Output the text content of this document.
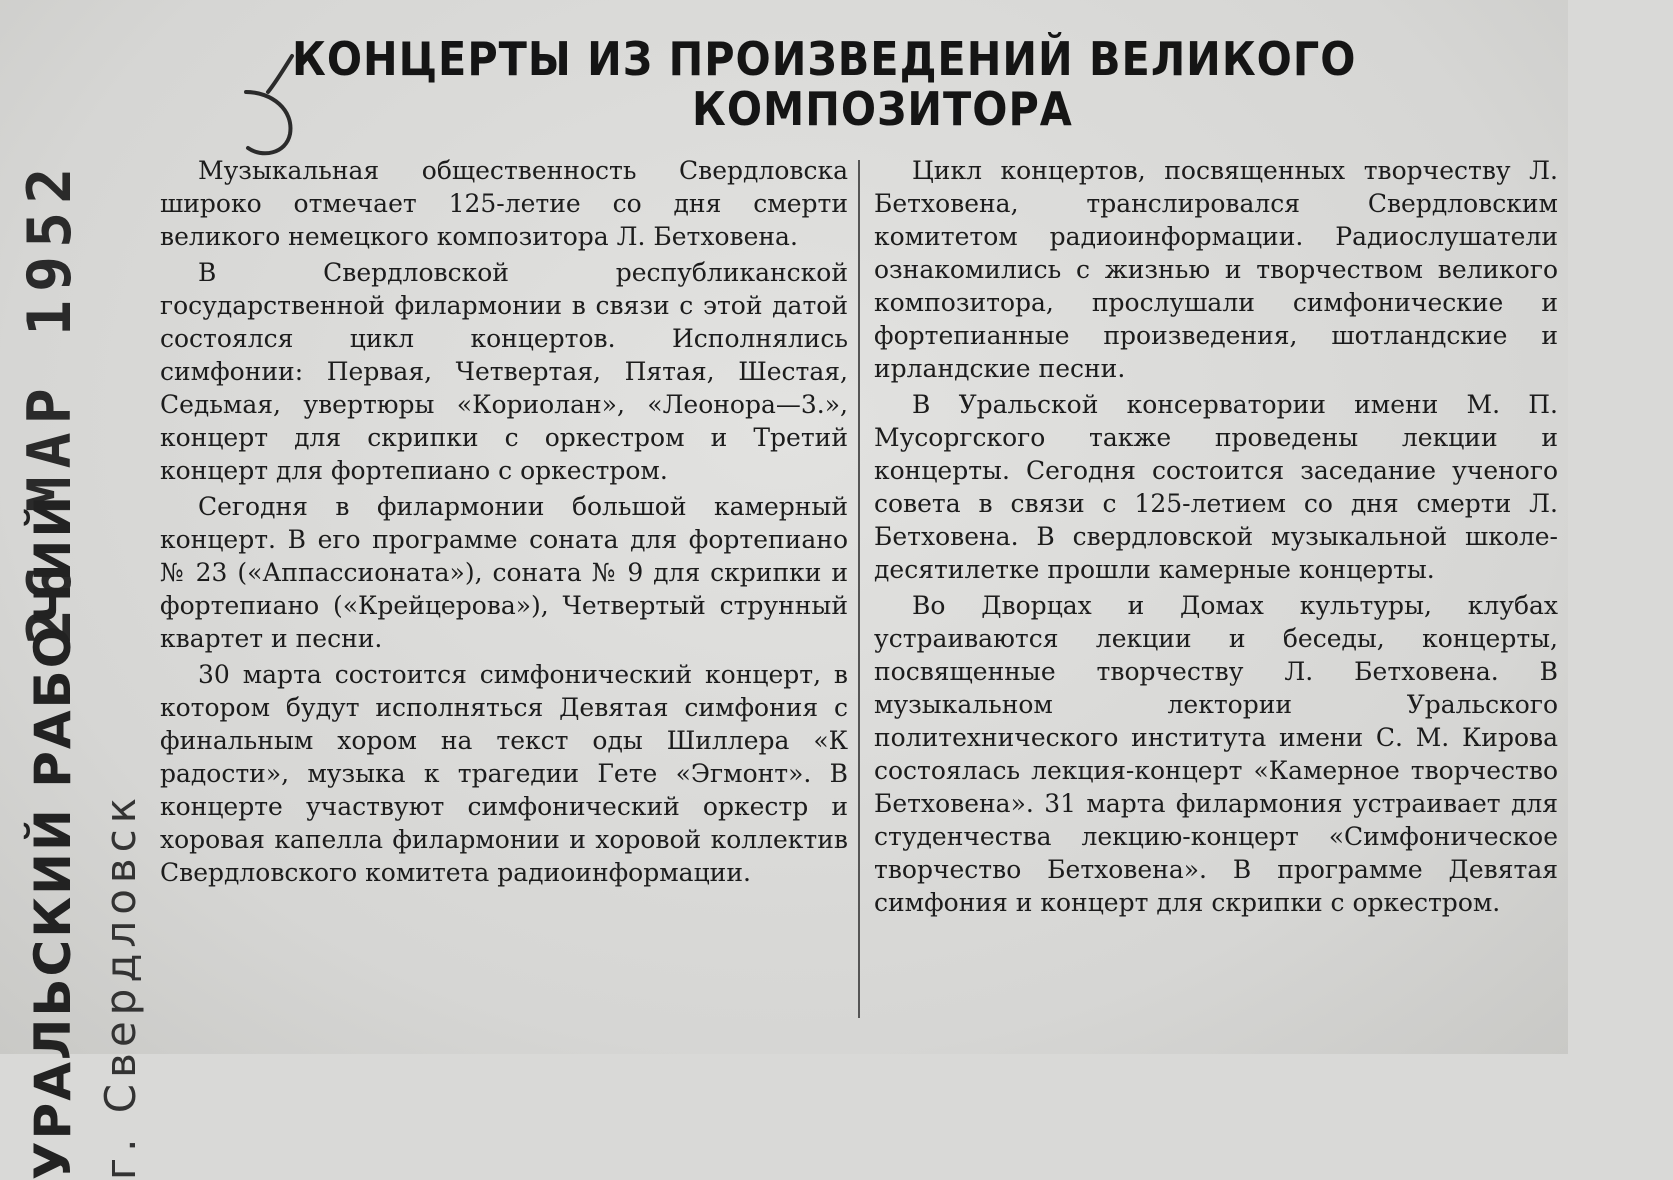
КОНЦЕРТЫ ИЗ ПРОИЗВЕДЕНИЙ ВЕЛИКОГО
КОМПОЗИТОРА
26 МАР 1952
УРАЛЬСКИЙ РАБОЧИЙ г. Свердловск

Музыкальная общественность Свердловска широко отмечает 125-летие со дня смерти великого немецкого композитора Л. Бетховена.

В Свердловской республиканской государственной филармонии в связи с этой датой состоялся цикл концертов. Исполнялись симфонии: Первая, Четвертая, Пятая, Шестая, Седьмая, увертюры «Кориолан», «Леонора—3.», концерт для скрипки с оркестром и Третий концерт для фортепиано с оркестром.

Сегодня в филармонии большой камерный концерт. В его программе соната для фортепиано № 23 («Аппассионата»), соната № 9 для скрипки и фортепиано («Крейцерова»), Четвертый струнный квартет и песни.

30 марта состоится симфонический концерт, в котором будут исполняться Девятая симфония с финальным хором на текст оды Шиллера «К радости», музыка к трагедии Гете «Эгмонт». В концерте участвуют симфонический оркестр и хоровая капелла филармонии и хоровой коллектив Свердловского комитета радиоинформации.

Цикл концертов, посвященных творчеству Л. Бетховена, транслировался Свердловским комитетом радиоинформации. Радиослушатели ознакомились с жизнью и творчеством великого композитора, прослушали симфонические и фортепианные произведения, шотландские и ирландские песни.

В Уральской консерватории имени М. П. Мусоргского также проведены лекции и концерты. Сегодня состоится заседание ученого совета в связи с 125-летием со дня смерти Л. Бетховена. В свердловской музыкальной школе-десятилетке прошли камерные концерты.

Во Дворцах и Домах культуры, клубах устраиваются лекции и беседы, концерты, посвященные творчеству Л. Бетховена. В музыкальном лектории Уральского политехнического института имени С. М. Кирова состоялась лекция-концерт «Камерное творчество Бетховена». 31 марта филармония устраивает для студенчества лекцию-концерт «Симфоническое творчество Бетховена». В программе Девятая симфония и концерт для скрипки с оркестром.
